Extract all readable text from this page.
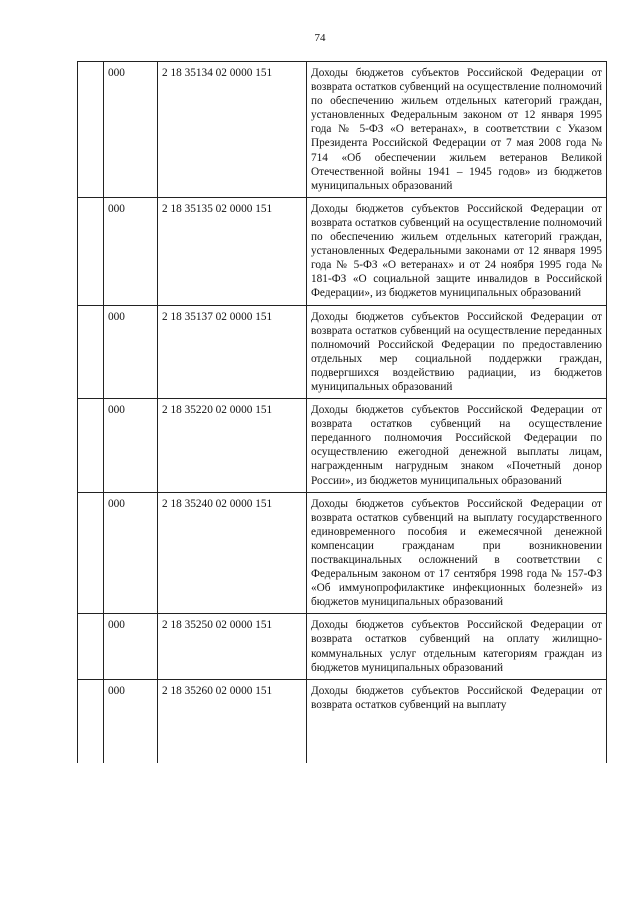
74
	000	2 18 35134 02 0000 151	Доходы бюджетов субъектов Российской Федерации от возврата остатков субвенций на осуществление полномочий по обеспечению жильем отдельных категорий граждан, установленных Федеральным законом от 12 января 1995 года № 5-ФЗ «О ветеранах», в соответствии с Указом Президента Российской Федерации от 7 мая 2008 года № 714 «Об обеспечении жильем ветеранов Великой Отечественной войны 1941 – 1945 годов» из бюджетов муниципальных образований
	000	2 18 35135 02 0000 151	Доходы бюджетов субъектов Российской Федерации от возврата остатков субвенций на осуществление полномочий по обеспечению жильем отдельных категорий граждан, установленных Федеральными законами от 12 января 1995 года № 5-ФЗ «О ветеранах» и от 24 ноября 1995 года № 181-ФЗ «О социальной защите инвалидов в Российской Федерации», из бюджетов муниципальных образований
	000	2 18 35137 02 0000 151	Доходы бюджетов субъектов Российской Федерации от возврата остатков субвенций на осуществление переданных полномочий Российской Федерации по предоставлению отдельных мер социальной поддержки граждан, подвергшихся воздействию радиации, из бюджетов муниципальных образований
	000	2 18 35220 02 0000 151	Доходы бюджетов субъектов Российской Федерации от возврата остатков субвенций на осуществление переданного полномочия Российской Федерации по осуществлению ежегодной денежной выплаты лицам, награжденным нагрудным знаком «Почетный донор России», из бюджетов муниципальных образований
	000	2 18 35240 02 0000 151	Доходы бюджетов субъектов Российской Федерации от возврата остатков субвенций на выплату государственного единовременного пособия и ежемесячной денежной компенсации гражданам при возникновении поствакцинальных осложнений в соответствии с Федеральным законом от 17 сентября 1998 года № 157-ФЗ «Об иммунопрофилактике инфекционных болезней» из бюджетов муниципальных образований
	000	2 18 35250 02 0000 151	Доходы бюджетов субъектов Российской Федерации от возврата остатков субвенций на оплату жилищно-коммунальных услуг отдельным категориям граждан из бюджетов муниципальных образований
	000	2 18 35260 02 0000 151	Доходы бюджетов субъектов Российской Федерации от возврата остатков субвенций на выплату
